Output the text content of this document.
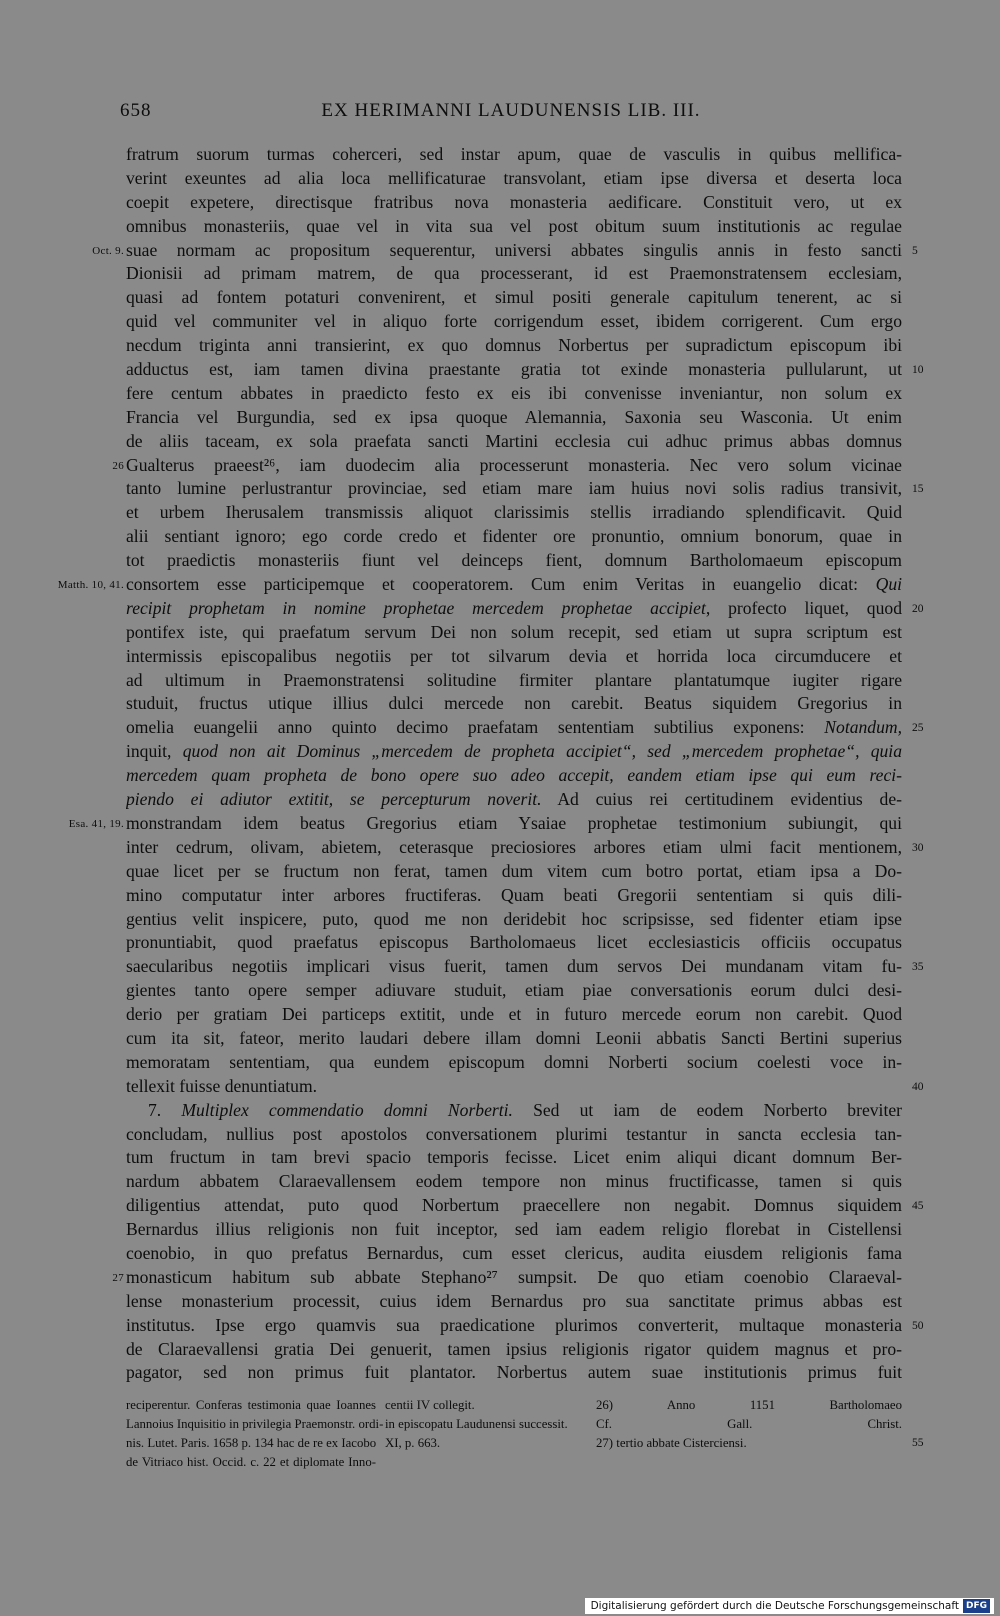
658	EX HERIMANNI LAUDUNENSIS LIB. III.
fratrum suorum turmas coherceri, sed instar apum, quae de vasculis in quibus mellifica-
verint exeuntes ad alia loca mellificaturae transvolant, etiam ipse diversa et deserta loca
coepit expetere, directisque fratribus nova monasteria aedificare. Constituit vero, ut ex
omnibus monasteriis, quae vel in vita sua vel post obitum suum institutionis ac regulae
suae normam ac propositum sequerentur, universi abbates singulis annis in festo sancti
Oct. 9.	5
Dionisii ad primam matrem, de qua processerant, id est Praemonstratensem ecclesiam,
quasi ad fontem potaturi convenirent, et simul positi generale capitulum tenerent, ac si
quid vel communiter vel in aliquo forte corrigendum esset, ibidem corrigerent. Cum ergo
necdum triginta anni transierint, ex quo domnus Norbertus per supradictum episcopum ibi
adductus est, iam tamen divina praestante gratia tot exinde monasteria pullularunt, ut 10
fere centum abbates in praedicto festo ex eis ibi convenisse inveniantur, non solum ex
Francia vel Burgundia, sed ex ipsa quoque Alemannia, Saxonia seu Wasconia. Ut enim
de aliis taceam, ex sola praefata sancti Martini ecclesia cui adhuc primus abbas domnus
Gualterus praeest²⁶, iam duodecim alia processerunt monasteria. Nec vero solum vicinae
26
tanto lumine perlustrantur provinciae, sed etiam mare iam huius novi solis radius transivit, 15
et urbem Iherusalem transmissis aliquot clarissimis stellis irradiando splendificavit. Quid
alii sentiant ignoro; ego corde credo et fidenter ore pronuntio, omnium bonorum, quae in
tot praedictis monasteriis fiunt vel deinceps fient, domnum Bartholomaeum episcopum
consortem esse participemque et cooperatorem. Cum enim Veritas in euangelio dicat: Qui
Matth. 10, 41.
recipit prophetam in nomine prophetae mercedem prophetae accipiet, profecto liquet, quod 20
pontifex iste, qui praefatum servum Dei non solum recepit, sed etiam ut supra scriptum est
intermissis episcopalibus negotiis per tot silvarum devia et horrida loca circumducere et
ad ultimum in Praemonstratensi solitudine firmiter plantare plantatumque iugiter rigare
studuit, fructus utique illius dulci mercede non carebit. Beatus siquidem Gregorius in
omelia euangelii anno quinto decimo praefatam sententiam subtilius exponens: Notandum, 25
inquit, quod non ait Dominus „mercedem de propheta accipiet“, sed „mercedem prophetae“, quia
mercedem quam propheta de bono opere suo adeo accepit, eandem etiam ipse qui eum reci-
piendo ei adiutor extitit, se percepturum noverit. Ad cuius rei certitudinem evidentius de-
monstrandam idem beatus Gregorius etiam Ysaiae prophetae testimonium subiungit, qui
Esa. 41, 19.
inter cedrum, olivam, abietem, ceterasque preciosiores arbores etiam ulmi facit mentionem, 30
quae licet per se fructum non ferat, tamen dum vitem cum botro portat, etiam ipsa a Do-
mino computatur inter arbores fructiferas. Quam beati Gregorii sententiam si quis dili-
gentius velit inspicere, puto, quod me non deridebit hoc scripsisse, sed fidenter etiam ipse
pronuntiabit, quod praefatus episcopus Bartholomaeus licet ecclesiasticis officiis occupatus
saecularibus negotiis implicari visus fuerit, tamen dum servos Dei mundanam vitam fu- 35
gientes tanto opere semper adiuvare studuit, etiam piae conversationis eorum dulci desi-
derio per gratiam Dei particeps extitit, unde et in futuro mercede eorum non carebit. Quod
cum ita sit, fateor, merito laudari debere illam domni Leonii abbatis Sancti Bertini superius
memoratam sententiam, qua eundem episcopum domni Norberti socium coelesti voce in-
tellexit fuisse denuntiatum.	40
7. Multiplex commendatio domni Norberti. Sed ut iam de eodem Norberto breviter
concludam, nullius post apostolos conversationem plurimi testantur in sancta ecclesia tan-
tum fructum in tam brevi spacio temporis fecisse. Licet enim aliqui dicant domnum Ber-
nardum abbatem Claraevallensem eodem tempore non minus fructificasse, tamen si quis
diligentius attendat, puto quod Norbertum praecellere non negabit. Domnus siquidem 45
Bernardus illius religionis non fuit inceptor, sed iam eadem religio florebat in Cistellensi
coenobio, in quo prefatus Bernardus, cum esset clericus, audita eiusdem religionis fama
monasticum habitum sub abbate Stephano²⁷ sumpsit. De quo etiam coenobio Claraeval-
27
lense monasterium processit, cuius idem Bernardus pro sua sanctitate primus abbas est
institutus. Ipse ergo quamvis sua praedicatione plurimos converterit, multaque monasteria 50
de Claraevallensi gratia Dei genuerit, tamen ipsius religionis rigator quidem magnus et pro-
pagator, sed non primus fuit plantator. Norbertus autem suae institutionis primus fuit
reciperentur. Conferas testimonia quae Ioannes centii IV collegit.	26) Anno 1151 Bartholomaeo
Lannoius Inquisitio in privilegia Praemonstr. ordi- in episcopatu Laudunensi successit.	Cf. Gall. Christ.
nis. Lutet. Paris. 1658 p. 134 hac de re ex Iacobo XI, p. 663.	27) tertio abbate Cisterciensi.	55
de Vitriaco hist. Occid. c. 22 et diplomate Inno-
Digitalisierung gefördert durch die Deutsche Forschungsgemeinschaft DFG
